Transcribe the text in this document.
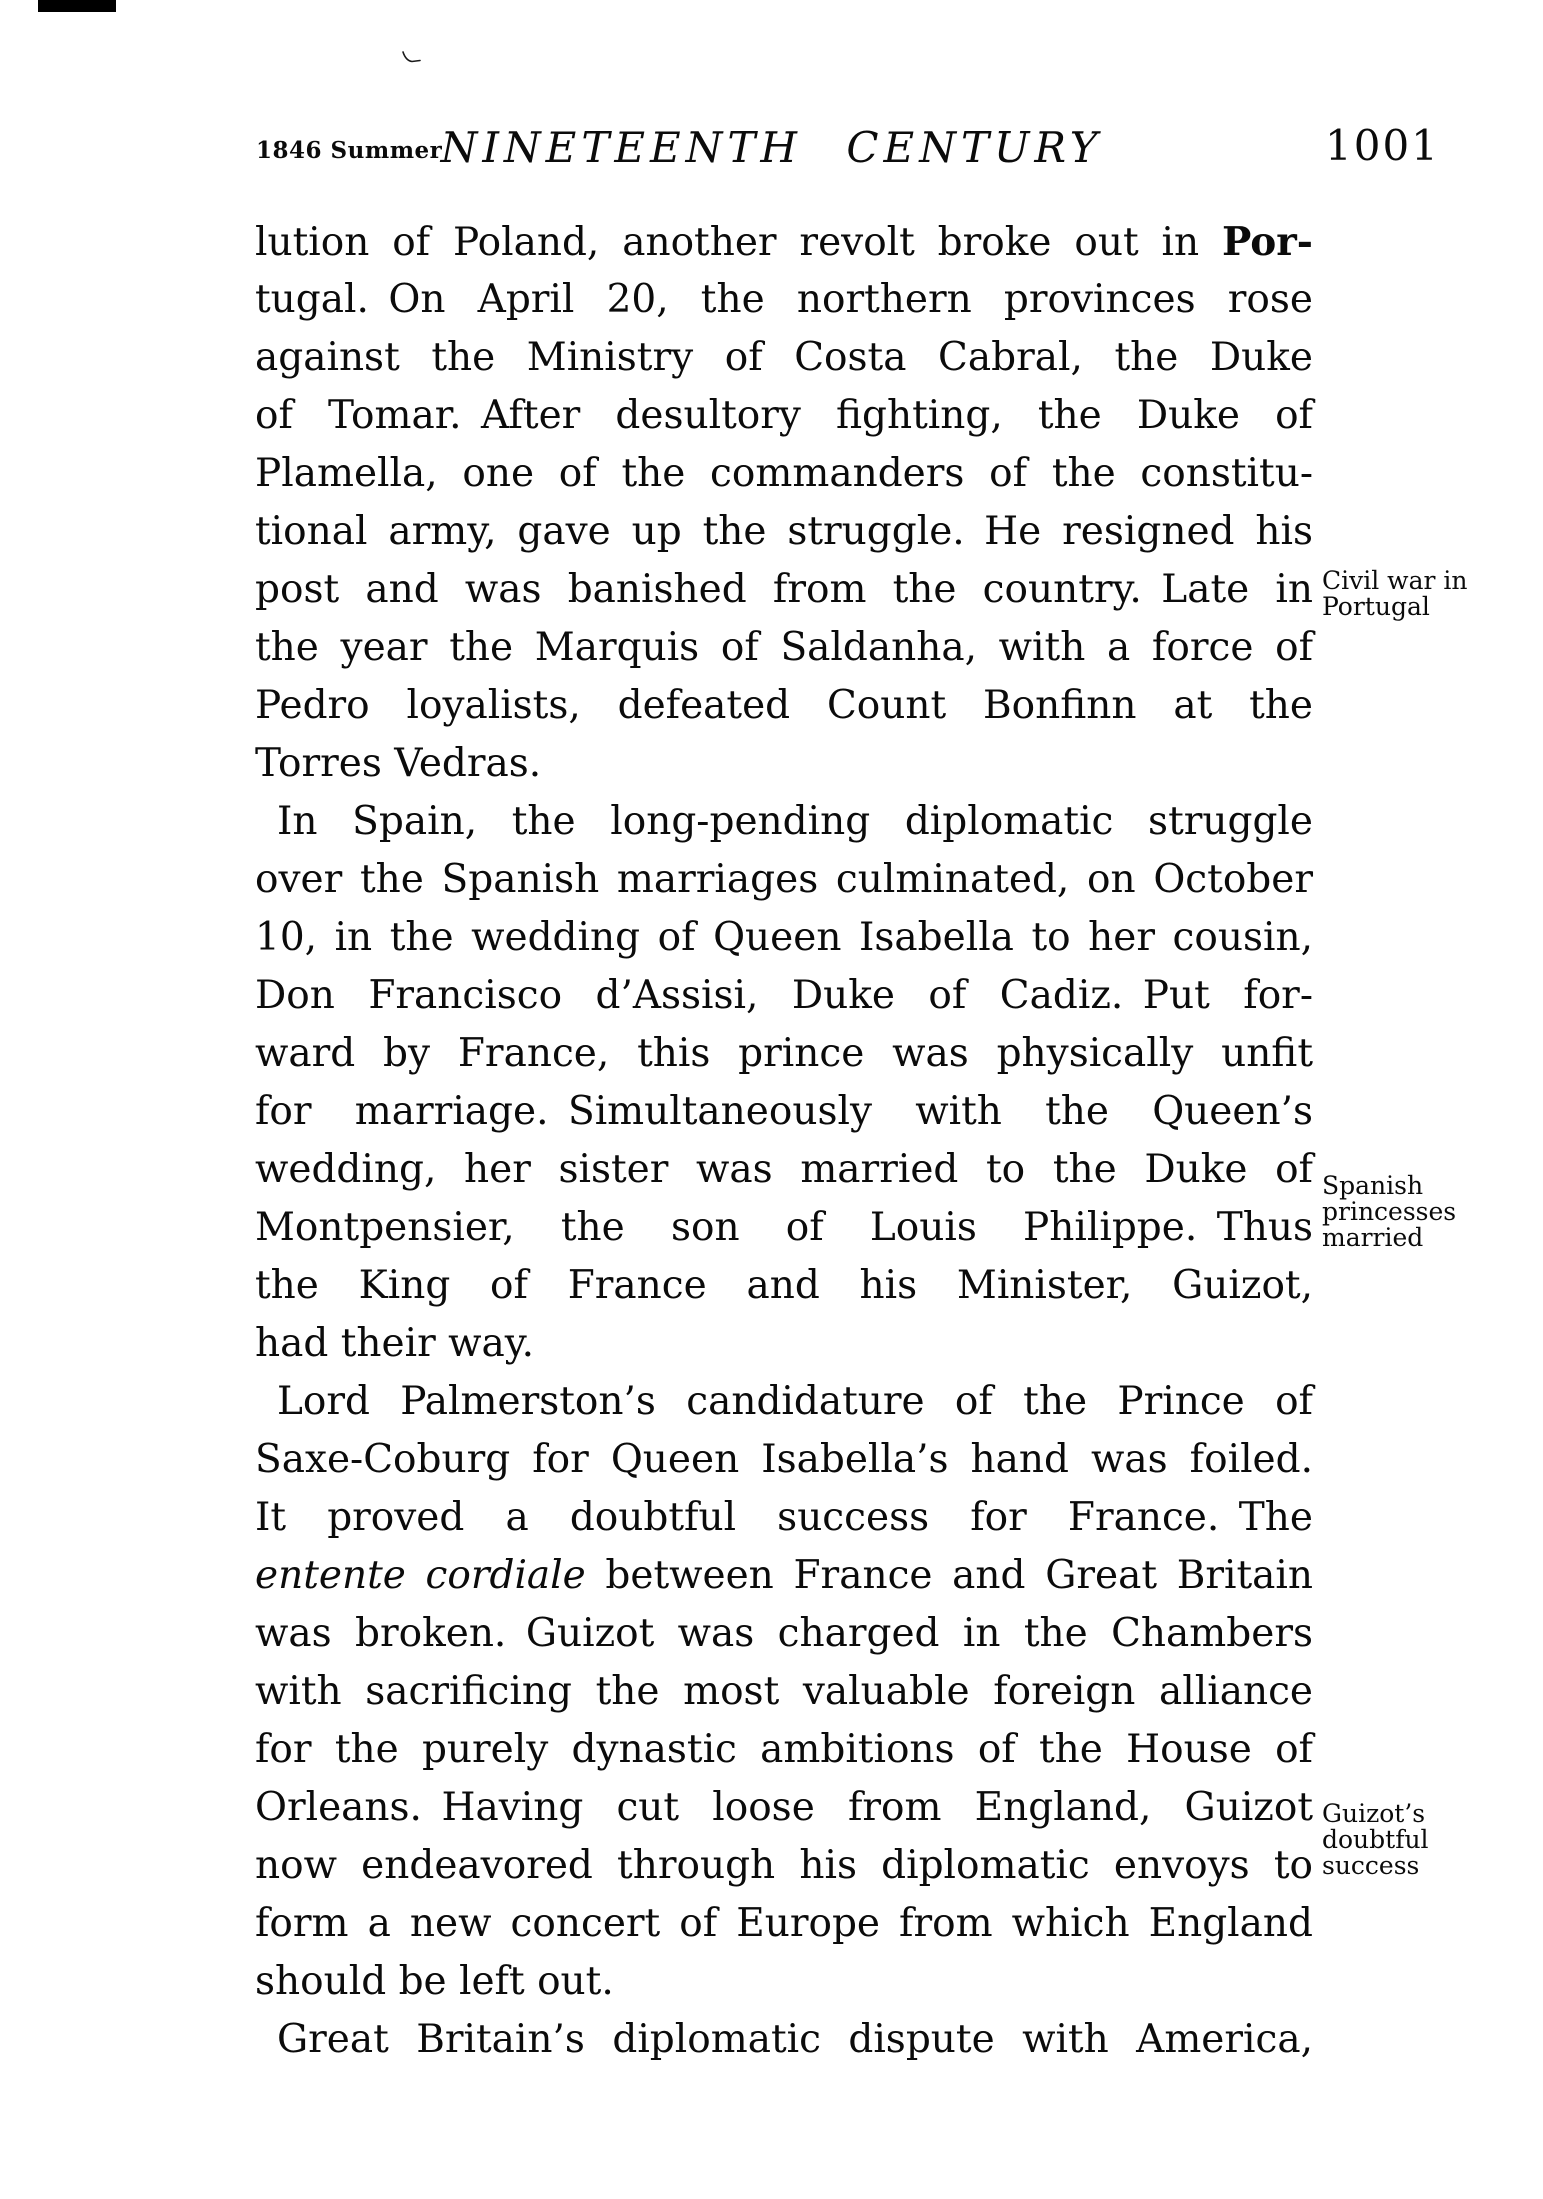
1846 Summer
NINETEENTH CENTURY	1001
lution of Poland, another revolt broke out in Por-
tugal. On April 20, the northern provinces rose
against the Ministry of Costa Cabral, the Duke
of Tomar. After desultory fighting, the Duke of
Plamella, one of the commanders of the constitu-
tional army, gave up the struggle. He resigned his
post and was banished from the country. Late in
the year the Marquis of Saldanha, with a force of
Pedro loyalists, defeated Count Bonfinn at the
Torres Vedras.
In Spain, the long-pending diplomatic struggle
over the Spanish marriages culminated, on October
10, in the wedding of Queen Isabella to her cousin,
Don Francisco d’Assisi, Duke of Cadiz. Put for-
ward by France, this prince was physically unfit
for marriage. Simultaneously with the Queen’s
wedding, her sister was married to the Duke of
Montpensier, the son of Louis Philippe. Thus
the King of France and his Minister, Guizot,
had their way.
Lord Palmerston’s candidature of the Prince of
Saxe-Coburg for Queen Isabella’s hand was foiled.
It proved a doubtful success for France. The
entente cordiale between France and Great Britain
was broken. Guizot was charged in the Chambers
with sacrificing the most valuable foreign alliance
for the purely dynastic ambitions of the House of
Orleans. Having cut loose from England, Guizot
now endeavored through his diplomatic envoys to
form a new concert of Europe from which England
should be left out.
Great Britain’s diplomatic dispute with America,
Civil war in
Portugal
Spanish
princesses
married
Guizot’s
doubtful
success
